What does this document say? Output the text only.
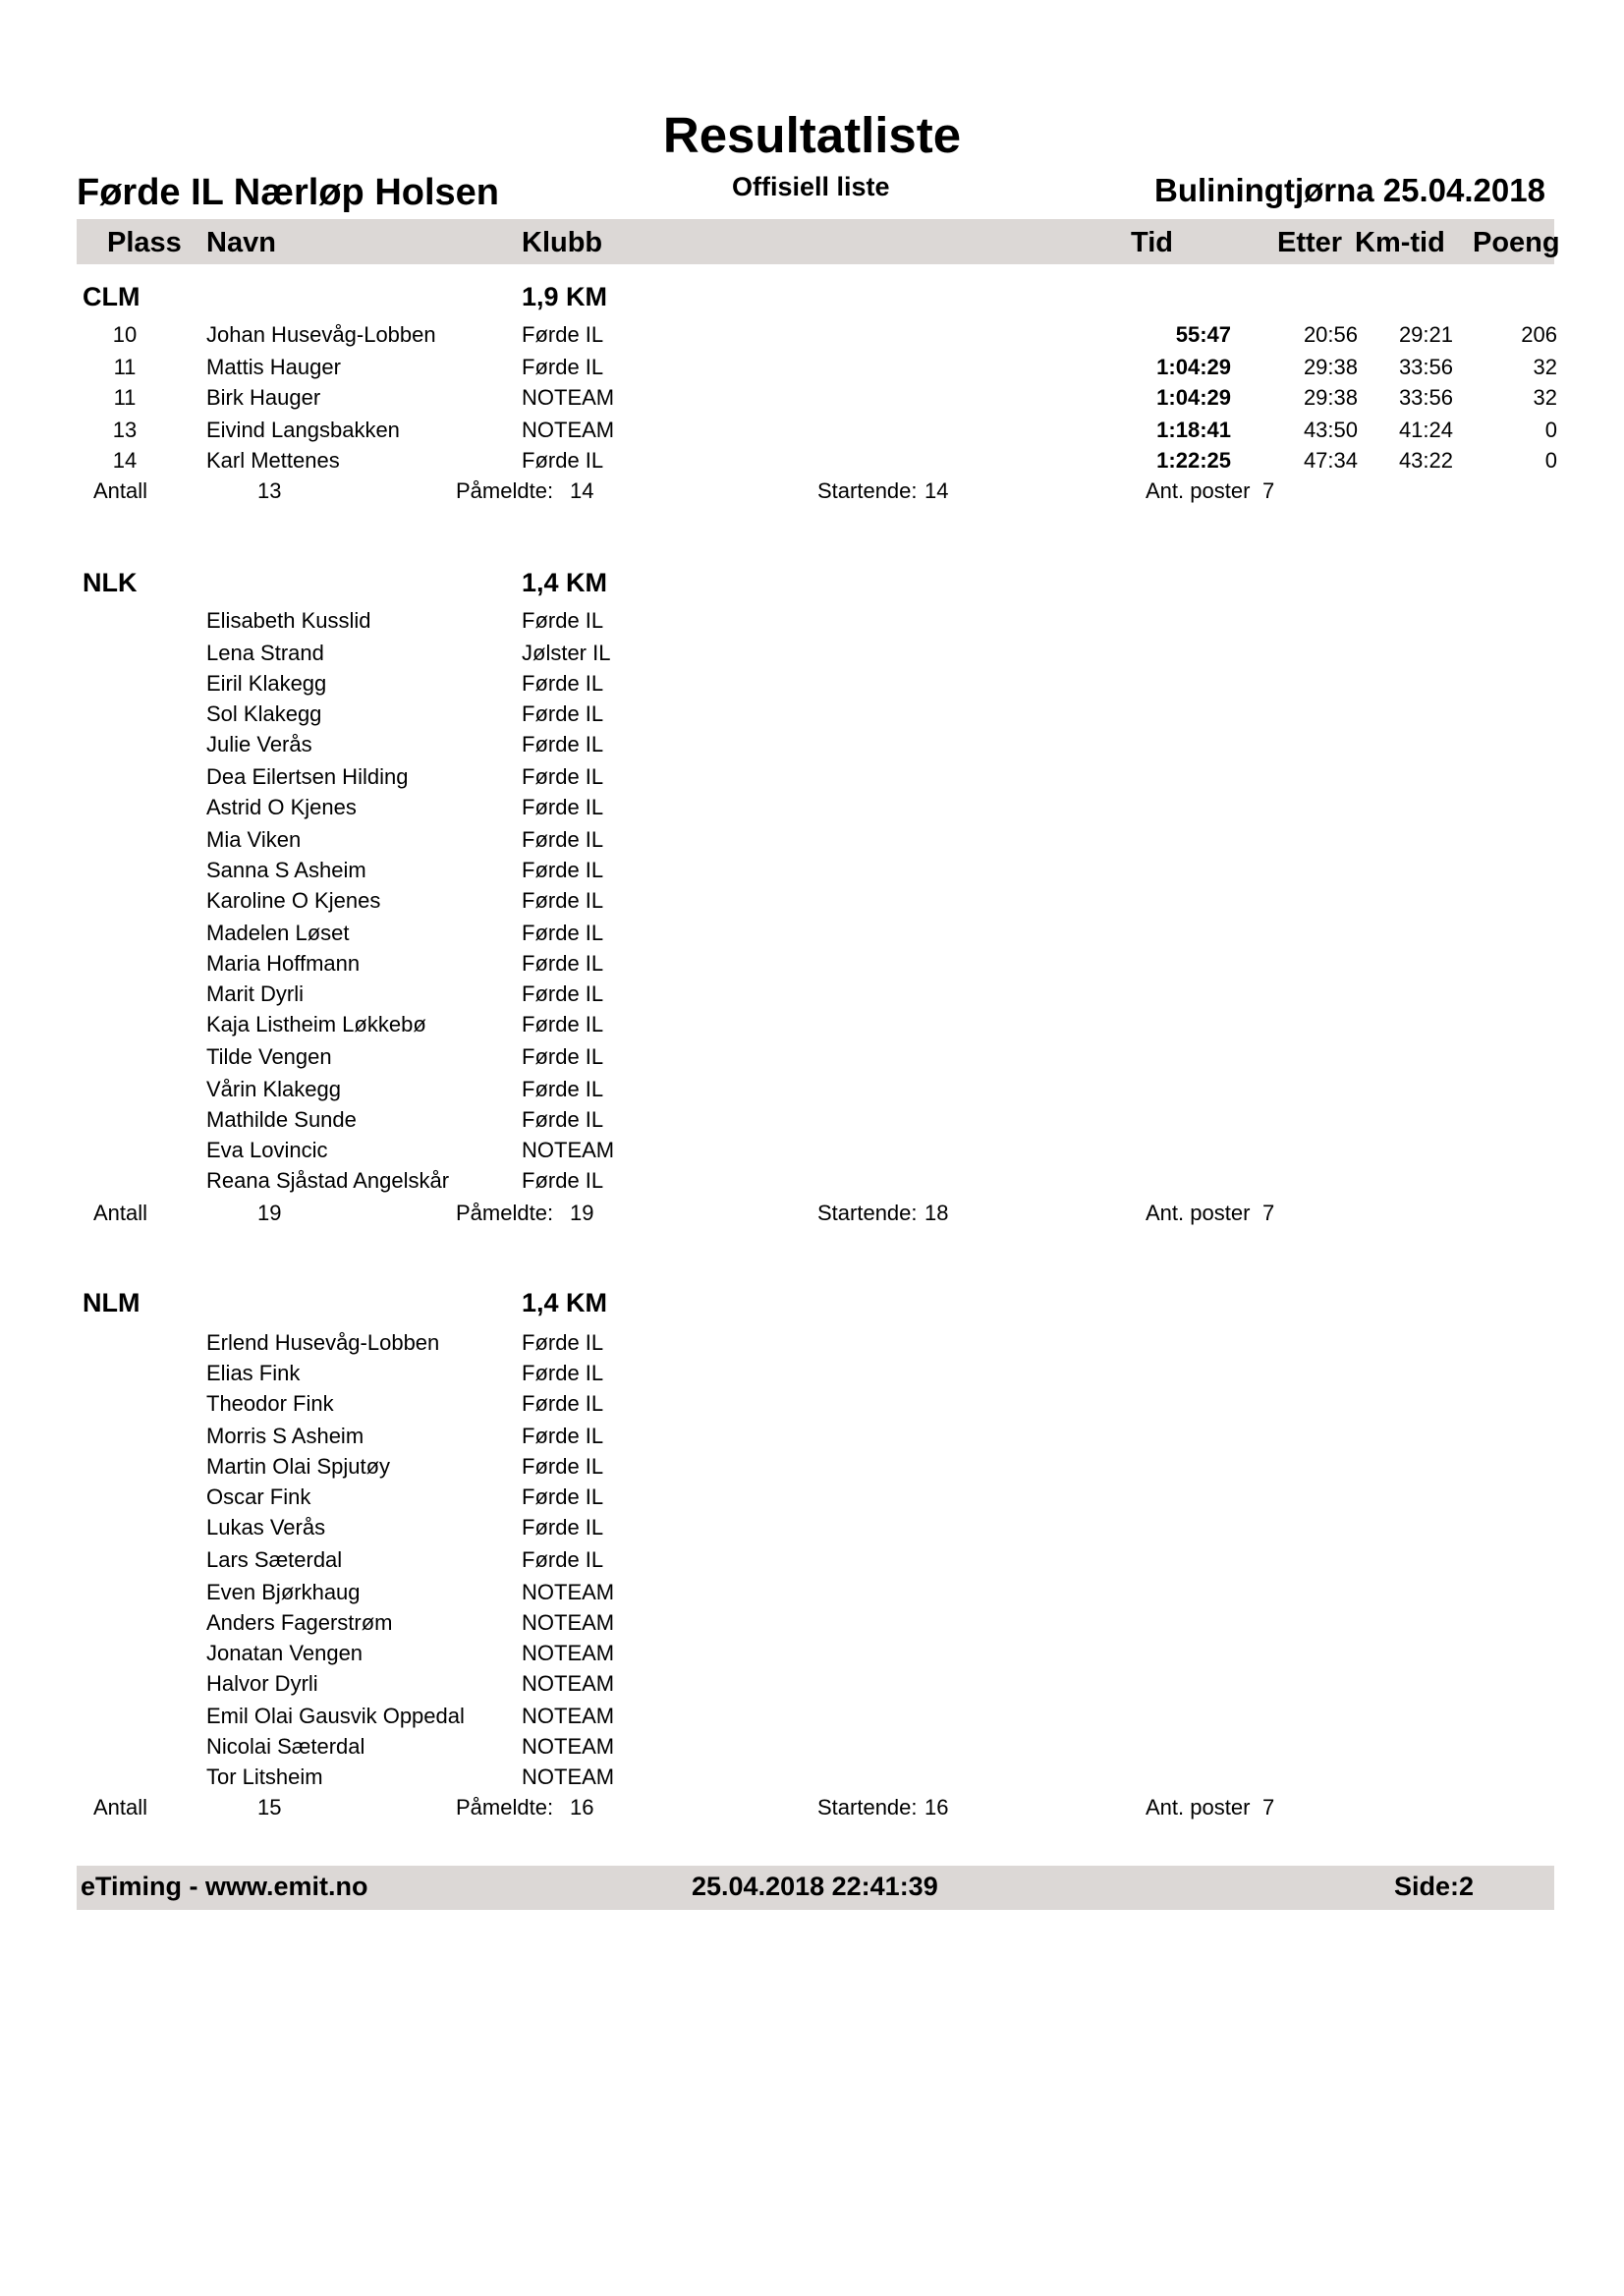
Resultatliste
Førde IL Nærløp Holsen	Offisiell liste	Buliningtjørna 25.04.2018
Plass Navn	Klubb	Tid	Etter Km-tid Poeng
CLM	1,9 KM
10	Johan Husevåg-Lobben	Førde IL	55:47	20:56 29:21	206
11	Mattis Hauger	Førde IL	1:04:29	29:38 33:56	32
11	Birk Hauger	NOTEAM	1:04:29	29:38 33:56	32
13	Eivind Langsbakken	NOTEAM	1:18:41	43:50 41:24	0
14	Karl Mettenes	Førde IL	1:22:25	47:34 43:22	0
Antall	13	Påmeldte: 14	Startende: 14	Ant. poster 7
NLK	1,4 KM
Elisabeth Kusslid	Førde IL
Lena Strand	Jølster IL
Eiril Klakegg	Førde IL
Sol Klakegg	Førde IL
Julie Verås	Førde IL
Dea Eilertsen Hilding	Førde IL
Astrid O Kjenes	Førde IL
Mia Viken	Førde IL
Sanna S Asheim	Førde IL
Karoline O Kjenes	Førde IL
Madelen Løset	Førde IL
Maria Hoffmann	Førde IL
Marit Dyrli	Førde IL
Kaja Listheim Løkkebø	Førde IL
Tilde Vengen	Førde IL
Vårin Klakegg	Førde IL
Mathilde Sunde	Førde IL
Eva Lovincic	NOTEAM
Reana Sjåstad Angelskår	Førde IL
Antall	19	Påmeldte: 19	Startende: 18	Ant. poster 7
NLM	1,4 KM
Erlend Husevåg-Lobben	Førde IL
Elias Fink	Førde IL
Theodor Fink	Førde IL
Morris S Asheim	Førde IL
Martin Olai Spjutøy	Førde IL
Oscar Fink	Førde IL
Lukas Verås	Førde IL
Lars Sæterdal	Førde IL
Even Bjørkhaug	NOTEAM
Anders Fagerstrøm	NOTEAM
Jonatan Vengen	NOTEAM
Halvor Dyrli	NOTEAM
Emil Olai Gausvik Oppedal	NOTEAM
Nicolai Sæterdal	NOTEAM
Tor Litsheim	NOTEAM
Antall	15	Påmeldte: 16	Startende: 16	Ant. poster 7
eTiming - www.emit.no	25.04.2018 22:41:39	Side:2
